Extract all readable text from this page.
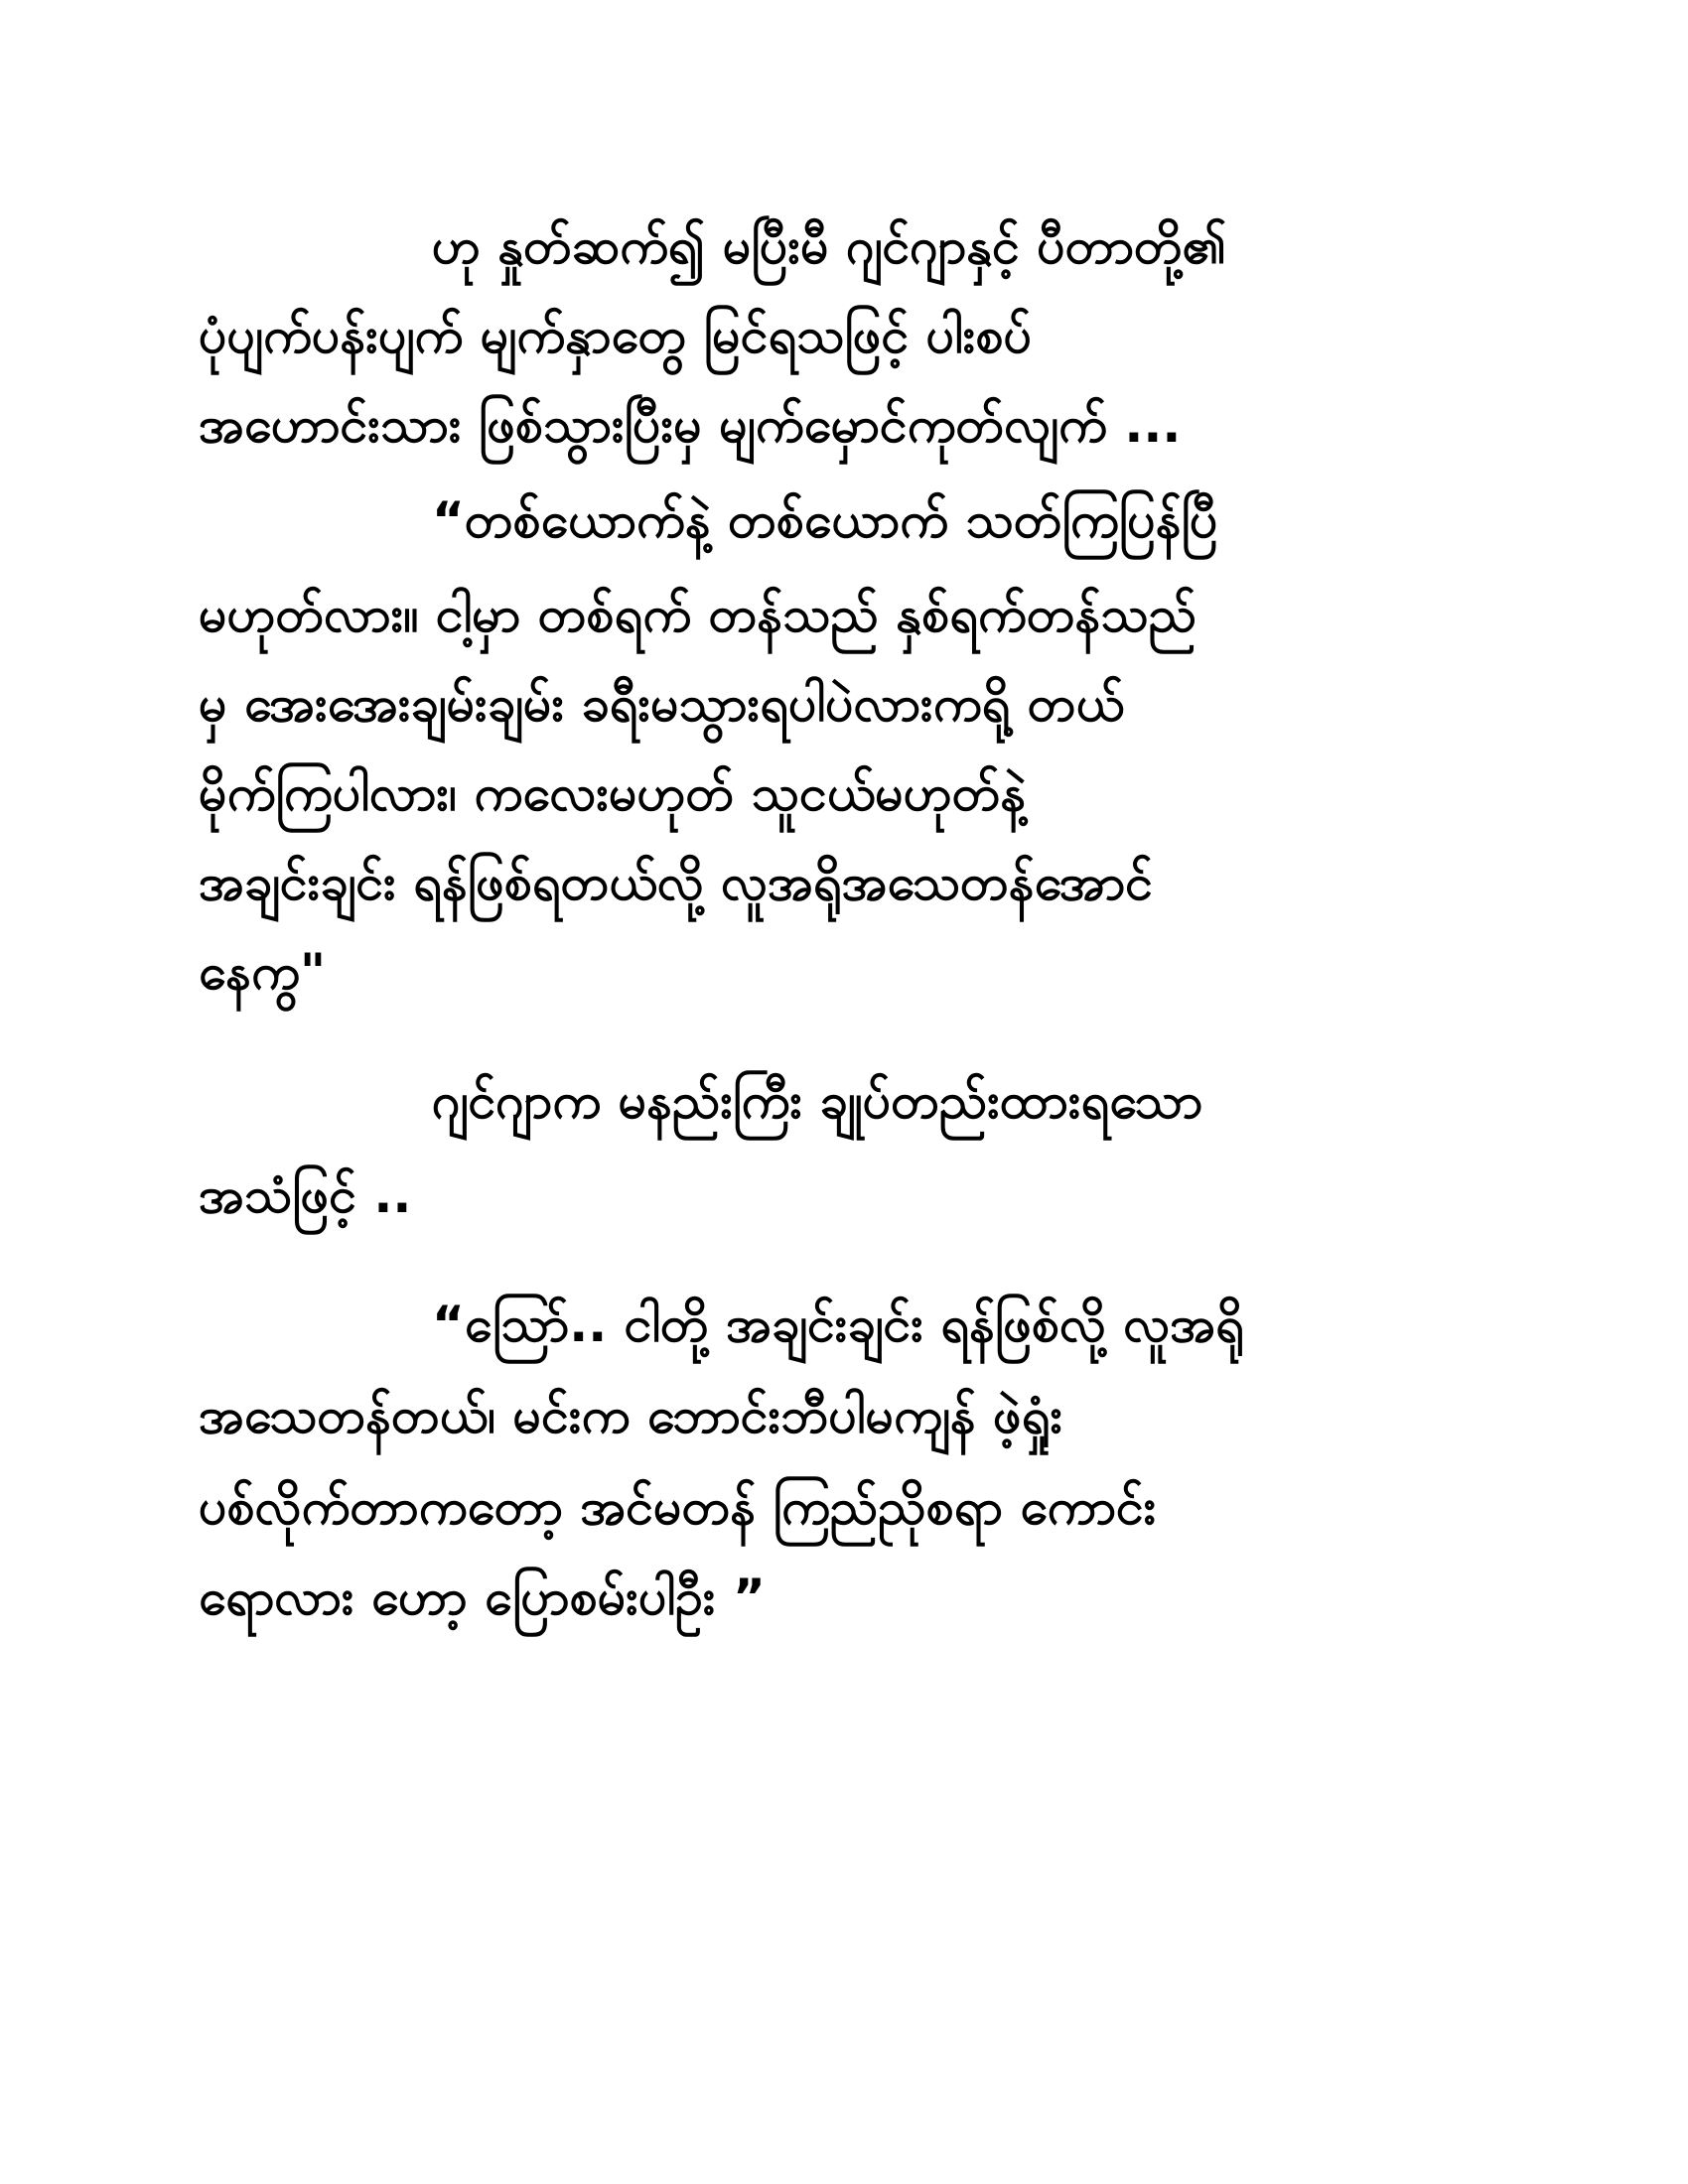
ဟု နှုတ်ဆက်၍ မပြီးမီ ဂျင်ဂျာနှင့် ပီတာတို့၏
ပုံပျက်ပန်းပျက် မျက်နှာတွေ မြင်ရသဖြင့် ပါးစပ်
အဟောင်းသား ဖြစ်သွားပြီးမှ မျက်မှောင်ကုတ်လျက် ...
“တစ်ယောက်နဲ့ တစ်ယောက် သတ်ကြပြန်ပြီ
မဟုတ်လား။ ငါ့မှာ တစ်ရက် တန်သည် နှစ်ရက်တန်သည်
မှ အေးအေးချမ်းချမ်း ခရီးမသွားရပါပဲလားကရို့ တယ်
မိုက်ကြပါလား၊ ကလေးမဟုတ် သူငယ်မဟုတ်နဲ့
အချင်းချင်း ရန်ဖြစ်ရတယ်လို့ လူအရိုအသေတန်အောင်
နေကွ"
ဂျင်ဂျာက မနည်းကြီး ချုပ်တည်းထားရသော
အသံဖြင့် ..
“သြော်.. ငါတို့ အချင်းချင်း ရန်ဖြစ်လို့ လူအရို
အသေတန်တယ်၊ မင်းက ဘောင်းဘီပါမကျန် ဖဲ့ရှုံး
ပစ်လိုက်တာကတော့ အင်မတန် ကြည်ညိုစရာ ကောင်း
ရောလား ဟော့ ပြောစမ်းပါဦး ”
